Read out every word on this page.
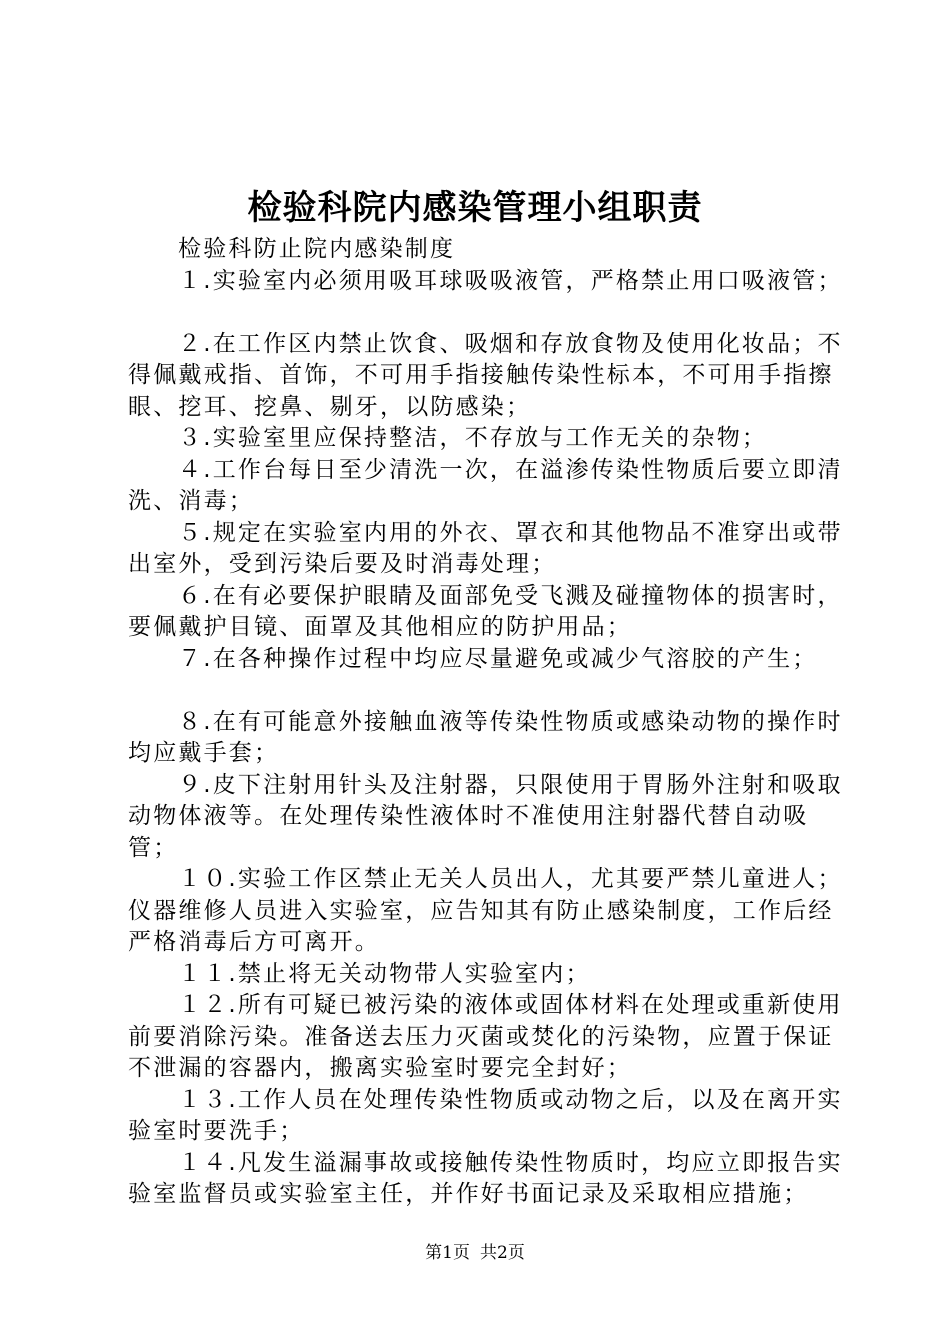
检验科院内感染管理小组职责

检验科防止院内感染制度

１.实验室内必须用吸耳球吸吸液管，严格禁止用口吸液管；

２.在工作区内禁止饮食、吸烟和存放食物及使用化妆品；不得佩戴戒指、首饰，不可用手指接触传染性标本，不可用手指擦眼、挖耳、挖鼻、剔牙，以防感染；

３.实验室里应保持整洁，不存放与工作无关的杂物；

４.工作台每日至少清洗一次，在溢渗传染性物质后要立即清洗、消毒；

５.规定在实验室内用的外衣、罩衣和其他物品不准穿出或带出室外，受到污染后要及时消毒处理；

６.在有必要保护眼睛及面部免受飞溅及碰撞物体的损害时，要佩戴护目镜、面罩及其他相应的防护用品；

７.在各种操作过程中均应尽量避免或减少气溶胶的产生；

８.在有可能意外接触血液等传染性物质或感染动物的操作时均应戴手套；

９.皮下注射用针头及注射器，只限使用于胃肠外注射和吸取动物体液等。在处理传染性液体时不准使用注射器代替自动吸管；

１０.实验工作区禁止无关人员出人，尤其要严禁儿童进人；仪器维修人员进入实验室，应告知其有防止感染制度，工作后经严格消毒后方可离开。

１１.禁止将无关动物带人实验室内；

１２.所有可疑已被污染的液体或固体材料在处理或重新使用前要消除污染。准备送去压力灭菌或焚化的污染物，应置于保证不泄漏的容器内，搬离实验室时要完全封好；

１３.工作人员在处理传染性物质或动物之后，以及在离开实验室时要洗手；

１４.凡发生溢漏事故或接触传染性物质时，均应立即报告实验室监督员或实验室主任，并作好书面记录及采取相应措施；

第1页 共2页
